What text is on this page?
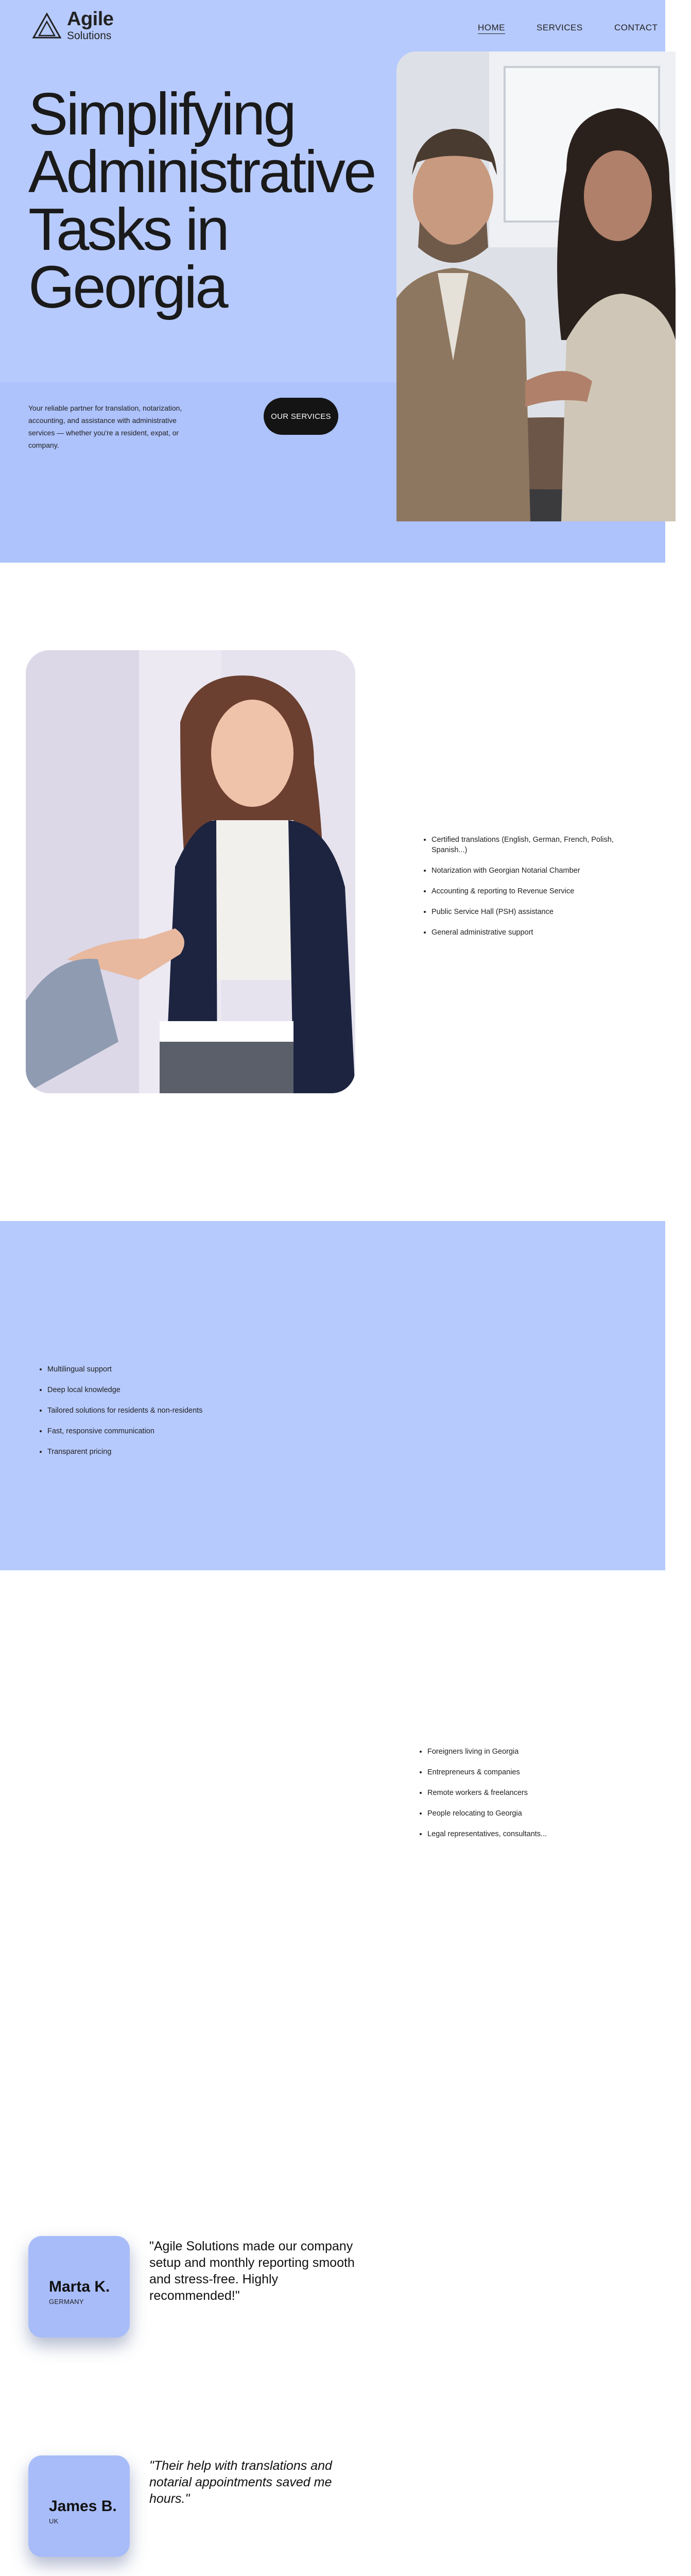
Agile
Solutions
HOME	SERVICES	CONTACT
Simplifying Administrative Tasks in Georgia

Your reliable partner for translation, notarization, accounting, and assistance with administrative services — whether you're a resident, expat, or company.

OUR SERVICES
• Certified translations (English, German, French, Polish, Spanish...)
• Notarization with Georgian Notarial Chamber
• Accounting & reporting to Revenue Service
• Public Service Hall (PSH) assistance
• General administrative support
• Multilingual support
• Deep local knowledge
• Tailored solutions for residents & non-residents
• Fast, responsive communication
• Transparent pricing
• Foreigners living in Georgia
• Entrepreneurs & companies
• Remote workers & freelancers
• People relocating to Georgia
• Legal representatives, consultants...
Marta K.
GERMANY

"Agile Solutions made our company setup and monthly reporting smooth and stress-free. Highly recommended!"

James B.
UK

"Their help with translations and notarial appointments saved me hours."
